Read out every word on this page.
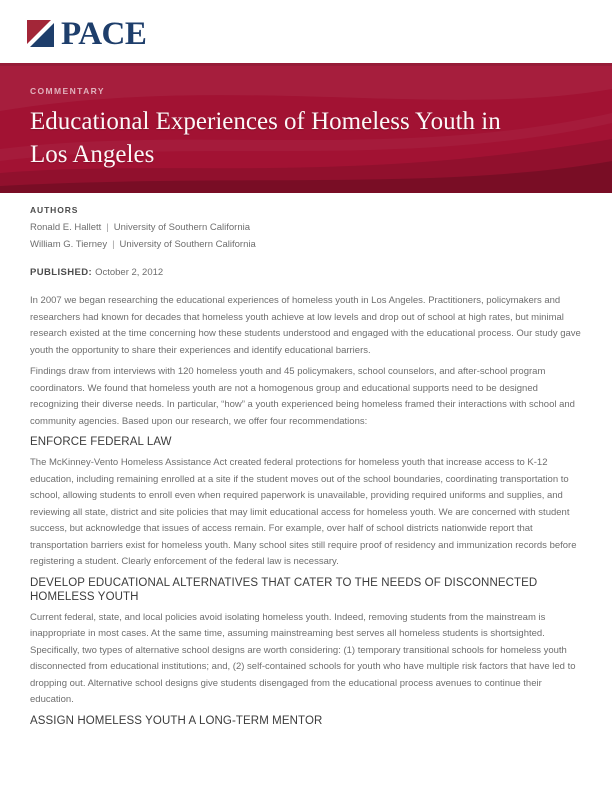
PACE
COMMENTARY
Educational Experiences of Homeless Youth in
Los Angeles
AUTHORS
Ronald E. Hallett | University of Southern California
William G. Tierney | University of Southern California
PUBLISHED: October 2, 2012

In 2007 we began researching the educational experiences of homeless youth in Los Angeles. Practitioners, policymakers and researchers had known for decades that homeless youth achieve at low levels and drop out of school at high rates, but minimal research existed at the time concerning how these students understood and engaged with the educational process. Our study gave youth the opportunity to share their experiences and identify educational barriers.

Findings draw from interviews with 120 homeless youth and 45 policymakers, school counselors, and after-school program coordinators. We found that homeless youth are not a homogenous group and educational supports need to be designed recognizing their diverse needs. In particular, “how” a youth experienced being homeless framed their interactions with school and community agencies. Based upon our research, we offer four recommendations:

ENFORCE FEDERAL LAW

The McKinney-Vento Homeless Assistance Act created federal protections for homeless youth that increase access to K-12 education, including remaining enrolled at a site if the student moves out of the school boundaries, coordinating transportation to school, allowing students to enroll even when required paperwork is unavailable, providing required uniforms and supplies, and reviewing all state, district and site policies that may limit educational access for homeless youth. We are concerned with student success, but acknowledge that issues of access remain. For example, over half of school districts nationwide report that transportation barriers exist for homeless youth. Many school sites still require proof of residency and immunization records before registering a student. Clearly enforcement of the federal law is necessary.

DEVELOP EDUCATIONAL ALTERNATIVES THAT CATER TO THE NEEDS OF DISCONNECTED HOMELESS YOUTH

Current federal, state, and local policies avoid isolating homeless youth. Indeed, removing students from the mainstream is inappropriate in most cases. At the same time, assuming mainstreaming best serves all homeless students is shortsighted. Specifically, two types of alternative school designs are worth considering: (1) temporary transitional schools for homeless youth disconnected from educational institutions; and, (2) self-contained schools for youth who have multiple risk factors that have led to dropping out. Alternative school designs give students disengaged from the educational process avenues to continue their education.

ASSIGN HOMELESS YOUTH A LONG-TERM MENTOR
